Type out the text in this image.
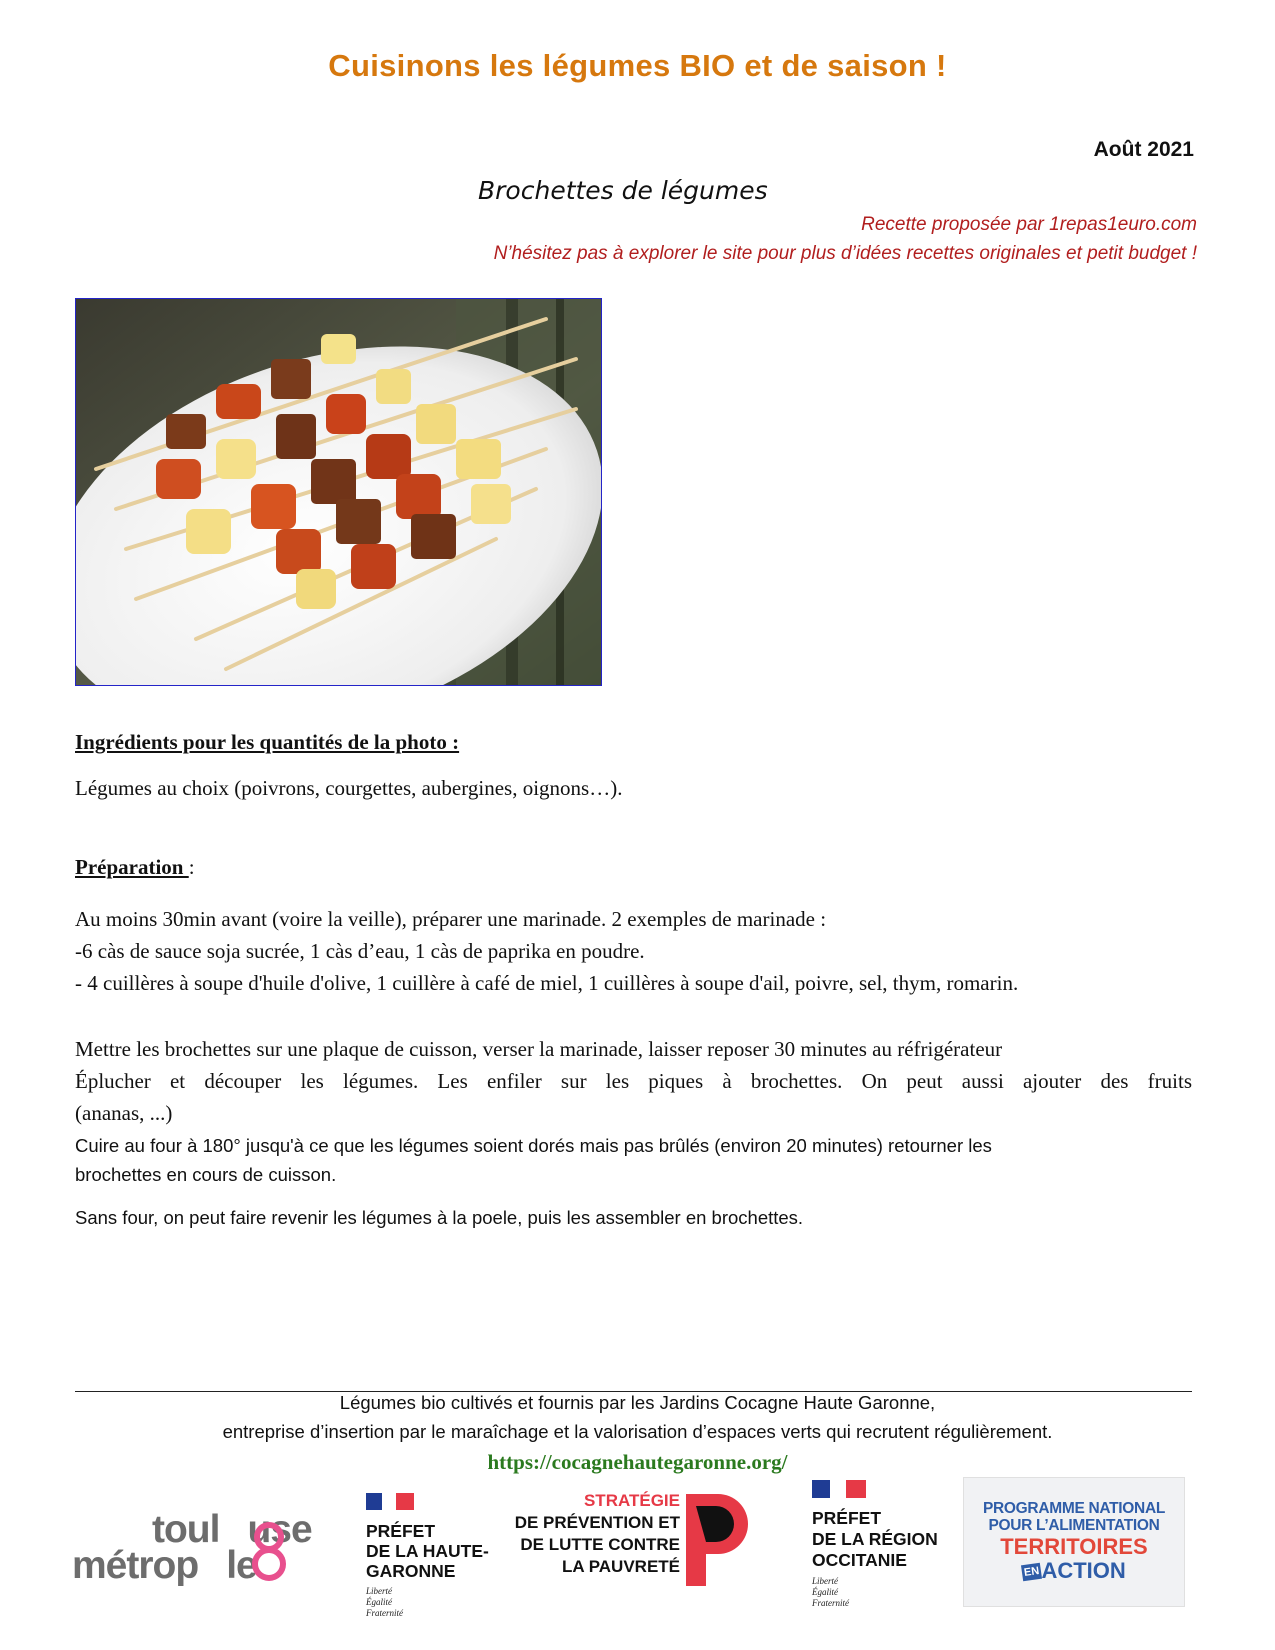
Cuisinons les légumes BIO et de saison !
Août 2021
Brochettes de légumes
Recette proposée par 1repas1euro.com
N’hésitez pas à explorer le site pour plus d’idées recettes originales et petit budget !
Ingrédients pour les quantités de la photo :
Légumes au choix (poivrons, courgettes, aubergines, oignons…).
Préparation :
Au moins 30min avant (voire la veille), préparer une marinade. 2 exemples de marinade :
-6 càs de sauce soja sucrée, 1 càs d’eau, 1 càs de paprika en poudre.
- 4 cuillères à soupe d'huile d'olive, 1 cuillère à café de miel, 1 cuillères à soupe d'ail, poivre, sel, thym, romarin.
Mettre les brochettes sur une plaque de cuisson, verser la marinade, laisser reposer 30 minutes au réfrigérateur
Éplucher et découper les légumes. Les enfiler sur les piques à brochettes. On peut aussi ajouter des fruits
(ananas, ...)
Cuire au four à 180° jusqu'à ce que les légumes soient dorés mais pas brûlés (environ 20 minutes) retourner les
brochettes en cours de cuisson.
Sans four, on peut faire revenir les légumes à la poele, puis les assembler en brochettes.
Légumes bio cultivés et fournis par les Jardins Cocagne Haute Garonne,
entreprise d’insertion par le maraîchage et la valorisation d’espaces verts qui recrutent régulièrement.
https://cocagnehautegaronne.org/
toul use
métrop le
PRÉFET
DE LA HAUTE-
GARONNE
Liberté
Égalité
Fraternité
STRATÉGIE
DE PRÉVENTION ET
DE LUTTE CONTRE
LA PAUVRETÉ
PRÉFET
DE LA RÉGION
OCCITANIE
Liberté
Égalité
Fraternité
PROGRAMME NATIONAL
POUR L’ALIMENTATION
TERRITOIRES
ENACTION
